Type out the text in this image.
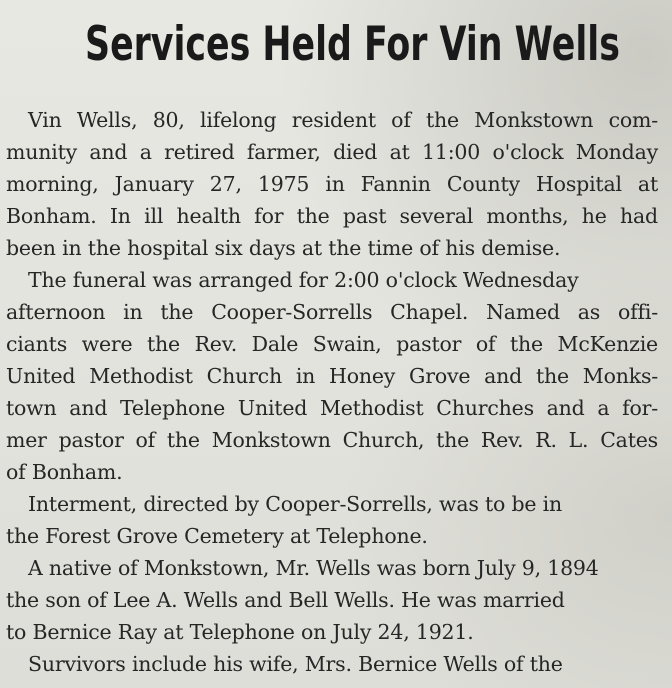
Services Held For Vin Wells
Vin Wells, 80, lifelong resident of the Monkstown com-
munity and a retired farmer, died at 11:00 o'clock Monday
morning, January 27, 1975 in Fannin County Hospital at
Bonham. In ill health for the past several months, he had
been in the hospital six days at the time of his demise.
The funeral was arranged for 2:00 o'clock Wednesday
afternoon in the Cooper-Sorrells Chapel. Named as offi-
ciants were the Rev. Dale Swain, pastor of the McKenzie
United Methodist Church in Honey Grove and the Monks-
town and Telephone United Methodist Churches and a for-
mer pastor of the Monkstown Church, the Rev. R. L. Cates
of Bonham.
Interment, directed by Cooper-Sorrells, was to be in
the Forest Grove Cemetery at Telephone.
A native of Monkstown, Mr. Wells was born July 9, 1894
the son of Lee A. Wells and Bell Wells. He was married
to Bernice Ray at Telephone on July 24, 1921.
Survivors include his wife, Mrs. Bernice Wells of the
